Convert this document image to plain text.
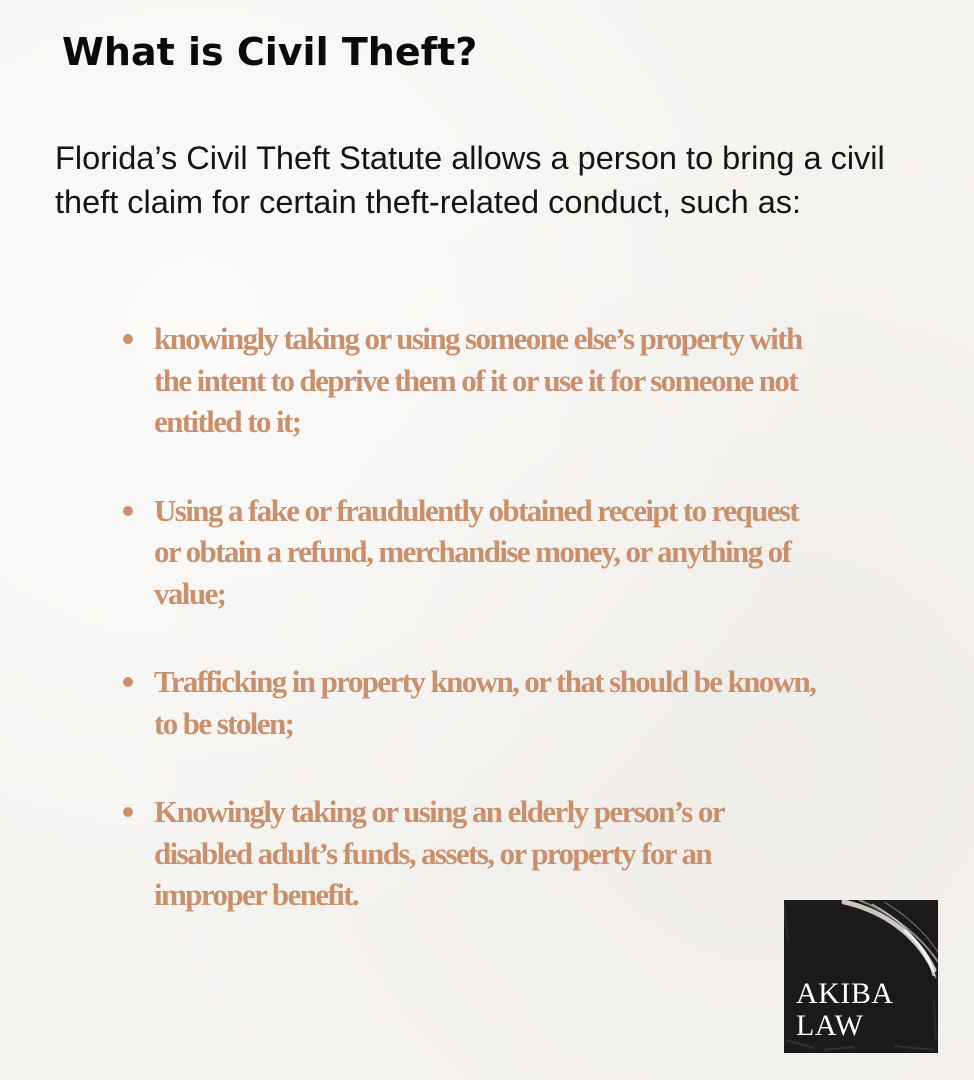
What is Civil Theft?

Florida’s Civil Theft Statute allows a person to bring a civil theft claim for certain theft-related conduct, such as:

knowingly taking or using someone else’s property with the intent to deprive them of it or use it for someone not entitled to it;
Using a fake or fraudulently obtained receipt to request or obtain a refund, merchandise money, or anything of value;
Trafficking in property known, or that should be known, to be stolen;
Knowingly taking or using an elderly person’s or disabled adult’s funds, assets, or property for an improper benefit.
AKIBA
LAW
